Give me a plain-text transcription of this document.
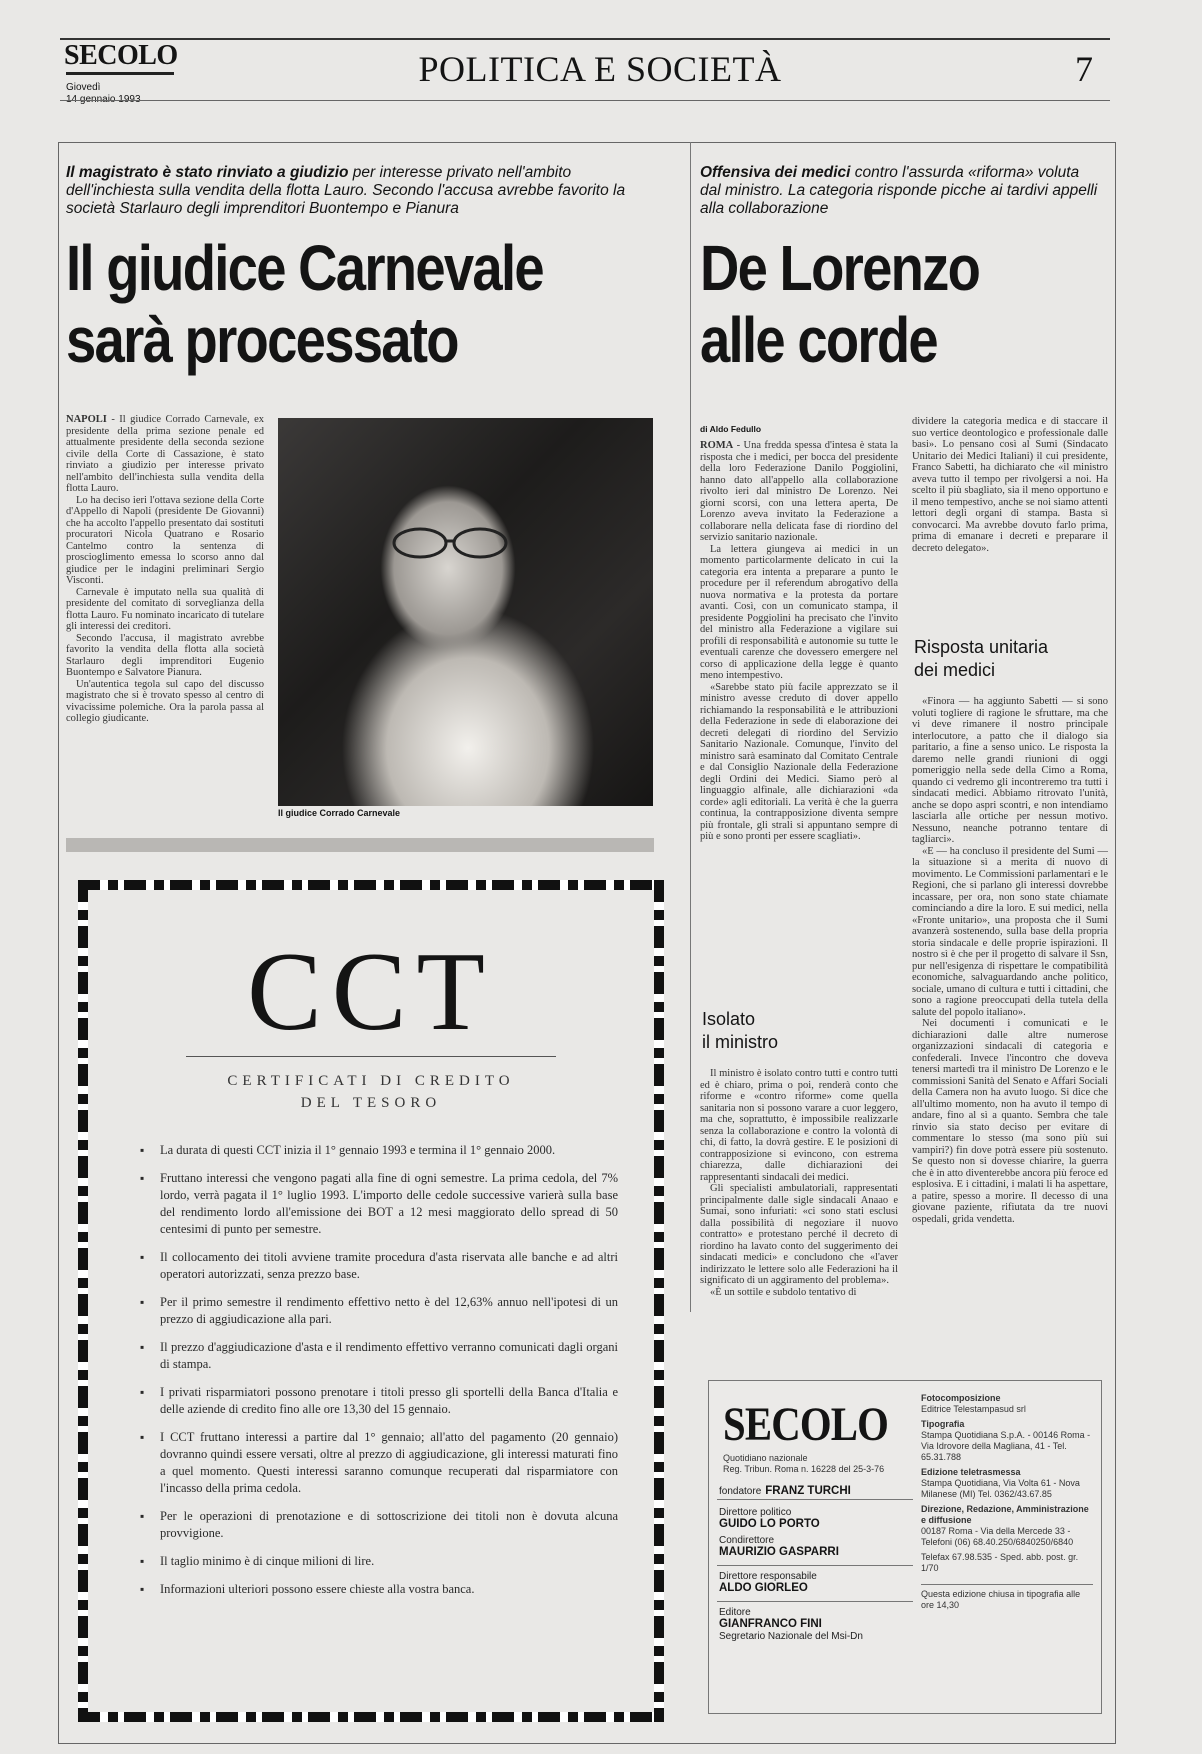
SECOLO
Giovedì	POLITICA E SOCIETÀ	7
Il magistrato è stato rinviato a giudizio per interesse privato nell'ambito dell'inchiesta sulla vendita della flotta Lauro. Secondo l'accusa avrebbe favorito la società Starlauro degli imprenditori Buontempo e Pianura
Il giudice Carnevale
sarà processato

NAPOLI - Il giudice Corrado Carnevale, ex presidente della prima sezione penale ed attualmente presidente della seconda sezione civile della Corte di Cassazione, è stato rinviato a giudizio per interesse privato nell'ambito dell'inchiesta sulla vendita della flotta Lauro.

Lo ha deciso ieri l'ottava sezione della Corte d'Appello di Napoli (presidente De Giovanni) che ha accolto l'appello presentato dai sostituti procuratori Nicola Quatrano e Rosario Cantelmo contro la sentenza di proscioglimento emessa lo scorso anno dal giudice per le indagini preliminari Sergio Visconti.

Carnevale è imputato nella sua qualità di presidente del comitato di sorveglianza della flotta Lauro. Fu nominato incaricato di tutelare gli interessi dei creditori.

Secondo l'accusa, il magistrato avrebbe favorito la vendita della flotta alla società Starlauro degli imprenditori Eugenio Buontempo e Salvatore Pianura.

Un'autentica tegola sul capo del discusso magistrato che si è trovato spesso al centro di vivacissime polemiche. Ora la parola passa al collegio giudicante.

Il giudice Corrado Carnevale
CCT
CERTIFICATI DI CREDITO
DEL TESORO
▪ La durata di questi CCT inizia il 1° gennaio 1993 e termina il 1° gennaio 2000.
▪ Fruttano interessi che vengono pagati alla fine di ogni semestre. La prima cedola, del 7% lordo, verrà pagata il 1° luglio 1993. L'importo delle cedole successive varierà sulla base del rendimento lordo all'emissione dei BOT a 12 mesi maggiorato dello spread di 50 centesimi di punto per semestre.
▪ Il collocamento dei titoli avviene tramite procedura d'asta riservata alle banche e ad altri operatori autorizzati, senza prezzo base.
▪ Per il primo semestre il rendimento effettivo netto è del 12,63% annuo nell'ipotesi di un prezzo di aggiudicazione alla pari.
▪ Il prezzo d'aggiudicazione d'asta e il rendimento effettivo verranno comunicati dagli organi di stampa.
▪ I privati risparmiatori possono prenotare i titoli presso gli sportelli della Banca d'Italia e delle aziende di credito fino alle ore 13,30 del 15 gennaio.
▪ I CCT fruttano interessi a partire dal 1° gennaio; all'atto del pagamento (20 gennaio) dovranno quindi essere versati, oltre al prezzo di aggiudicazione, gli interessi maturati fino a quel momento. Questi interessi saranno comunque recuperati dal risparmiatore con l'incasso della prima cedola.
▪ Per le operazioni di prenotazione e di sottoscrizione dei titoli non è dovuta alcuna provvigione.
▪ Il taglio minimo è di cinque milioni di lire.
▪ Informazioni ulteriori possono essere chieste alla vostra banca.
Offensiva dei medici contro l'assurda «riforma» voluta dal ministro. La categoria risponde picche ai tardivi appelli alla collaborazione
De Lorenzo
alle corde
di Aldo Fedullo

ROMA - Una fredda spessa d'intesa è stata la risposta che i medici, per bocca del presidente della loro Federazione Danilo Poggiolini, hanno dato all'appello alla collaborazione rivolto ieri dal ministro De Lorenzo. Nei giorni scorsi, con una lettera aperta, De Lorenzo aveva invitato la Federazione a collaborare nella delicata fase di riordino del servizio sanitario nazionale.

La lettera giungeva ai medici in un momento particolarmente delicato in cui la categoria era intenta a preparare a punto le procedure per il referendum abrogativo della nuova normativa e la protesta da portare avanti. Così, con un comunicato stampa, il presidente Poggiolini ha precisato che l'invito del ministro alla Federazione a vigilare sui profili di responsabilità e autonomie su tutte le eventuali carenze che dovessero emergere nel corso di applicazione della legge è quanto meno intempestivo.

«Sarebbe stato più facile apprezzato se il ministro avesse creduto di dover appello richiamando la responsabilità e le attribuzioni della Federazione in sede di elaborazione dei decreti delegati di riordino del Servizio Sanitario Nazionale. Comunque, l'invito del ministro sarà esaminato dal Comitato Centrale e dal Consiglio Nazionale della Federazione degli Ordini dei Medici. Siamo però al linguaggio alfinale, alle dichiarazioni «da corde» agli editoriali. La verità è che la guerra continua, la contrapposizione diventa sempre più frontale, gli strali si appuntano sempre di più e sono pronti per essere scagliati».

Isolato
il ministro

Il ministro è isolato contro tutti e contro tutti ed è chiaro, prima o poi, renderà conto che riforme e «contro riforme» come quella sanitaria non si possono varare a cuor leggero, ma che, soprattutto, è impossibile realizzarle senza la collaborazione e contro la volontà di chi, di fatto, la dovrà gestire. E le posizioni di contrapposizione si evincono, con estrema chiarezza, dalle dichiarazioni dei rappresentanti sindacali dei medici.

Gli specialisti ambulatoriali, rappresentati principalmente dalle sigle sindacali Anaao e Sumai, sono infuriati: «ci sono stati esclusi dalla possibilità di negoziare il nuovo contratto» e protestano perché il decreto di riordino ha lavato conto del suggerimento dei sindacati medici» e concludono che «l'aver indirizzato le lettere solo alle Federazioni ha il significato di un aggiramento del problema».

«È un sottile e subdolo tentativo di

dividere la categoria medica e di staccare il suo vertice deontologico e professionale dalle basi». Lo pensano così al Sumi (Sindacato Unitario dei Medici Italiani) il cui presidente, Franco Sabetti, ha dichiarato che «il ministro aveva tutto il tempo per rivolgersi a noi. Ha scelto il più sbagliato, sia il meno opportuno e il meno tempestivo, anche se noi siamo attenti lettori degli organi di stampa. Basta sì convocarci. Ma avrebbe dovuto farlo prima, prima di emanare i decreti e preparare il decreto delegato».

Risposta unitaria
dei medici

«Finora — ha aggiunto Sabetti — si sono voluti togliere di ragione le sfruttare, ma che vi deve rimanere il nostro principale interlocutore, a patto che il dialogo sia paritario, a fine a senso unico. Le risposta la daremo nelle grandi riunioni di oggi pomeriggio nella sede della Cimo a Roma, quando ci vedremo gli incontreremo tra tutti i sindacati medici. Abbiamo ritrovato l'unità, anche se dopo aspri scontri, e non intendiamo lasciarla alle ortiche per nessun motivo. Nessuno, neanche potranno tentare di tagliarci».

«E — ha concluso il presidente del Sumi — la situazione sì a merita di nuovo di movimento. Le Commissioni parlamentari e le Regioni, che si parlano gli interessi dovrebbe incassare, per ora, non sono state chiamate cominciando a dire la loro. E sui medici, nella «Fronte unitario», una proposta che il Sumi avanzerà sostenendo, sulla base della propria storia sindacale e delle proprie ispirazioni. Il nostro sì è che per il progetto di salvare il Ssn, pur nell'esigenza di rispettare le compatibilità economiche, salvaguardando anche politico, sociale, umano di cultura e tutti i cittadini, che sono a ragione preoccupati della tutela della salute del popolo italiano».

Nei documenti i comunicati e le dichiarazioni dalle altre numerose organizzazioni sindacali di categoria e confederali. Invece l'incontro che doveva tenersi martedì tra il ministro De Lorenzo e le commissioni Sanità del Senato e Affari Sociali della Camera non ha avuto luogo. Si dice che all'ultimo momento, non ha avuto il tempo di andare, fino al sì a quanto. Sembra che tale rinvio sia stato deciso per evitare di commentare lo stesso (ma sono più sui vampiri?) fin dove potrà essere più sostenuto. Se questo non si dovesse chiarire, la guerra che è in atto diventerebbe ancora più feroce ed esplosiva. E i cittadini, i malati li ha aspettare, a patire, spesso a morire. Il decesso di una giovane paziente, rifiutata da tre nuovi ospedali, grida vendetta.

SECOLO
Quotidiano nazionale
Reg. Tribun. Roma n. 16228 del 25-3-76
fondatore FRANZ TURCHI
Direttore politico
GUIDO LO PORTO
Condirettore
MAURIZIO GASPARRI
Direttore responsabile
ALDO GIORLEO
Editore
GIANFRANCO FINI
Segretario Nazionale del Msi-Dn
Fotocomposizione
Editrice Telestampasud srl
Tipografia
Stampa Quotidiana S.p.A. - 00146 Roma - Via Idrovore della Magliana, 41 - Tel. 65.31.788
Edizione teletrasmessa
Stampa Quotidiana, Via Volta 61 - Nova Milanese (MI) Tel. 0362/43.67.85
Direzione, Redazione, Amministrazione e diffusione
00187 Roma - Via della Mercede 33 - Telefoni (06) 68.40.250/6840250/6840
Telefax 67.98.535 - Sped. abb. post. gr. 1/70
Questa edizione chiusa in tipografia alle ore 14,30
